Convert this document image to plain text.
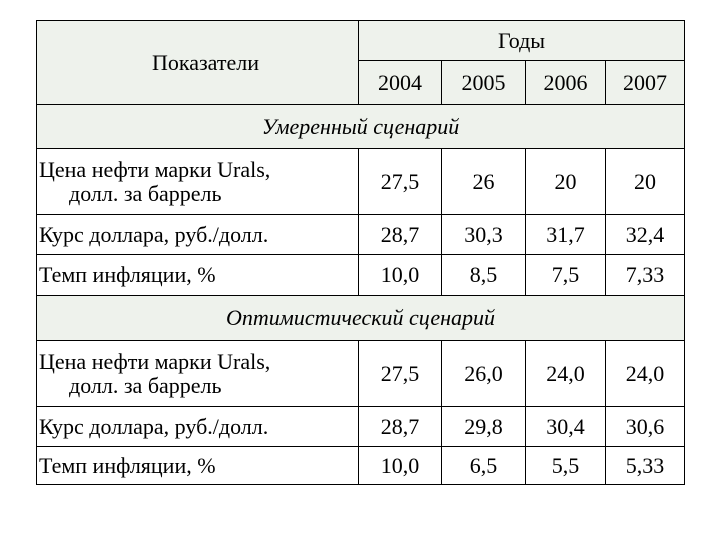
Показатели	Годы			
	2004	2005	2006	2007
Умеренный сценарий				
Цена нефти марки Urals,
долл. за баррель	27,5	26	20	20
Курс доллара, руб./долл.	28,7	30,3	31,7	32,4
Темп инфляции, %	10,0	8,5	7,5	7,33
Оптимистический сценарий				
Цена нефти марки Urals,
долл. за баррель	27,5	26,0	24,0	24,0
Курс доллара, руб./долл.	28,7	29,8	30,4	30,6
Темп инфляции, %	10,0	6,5	5,5	5,33
